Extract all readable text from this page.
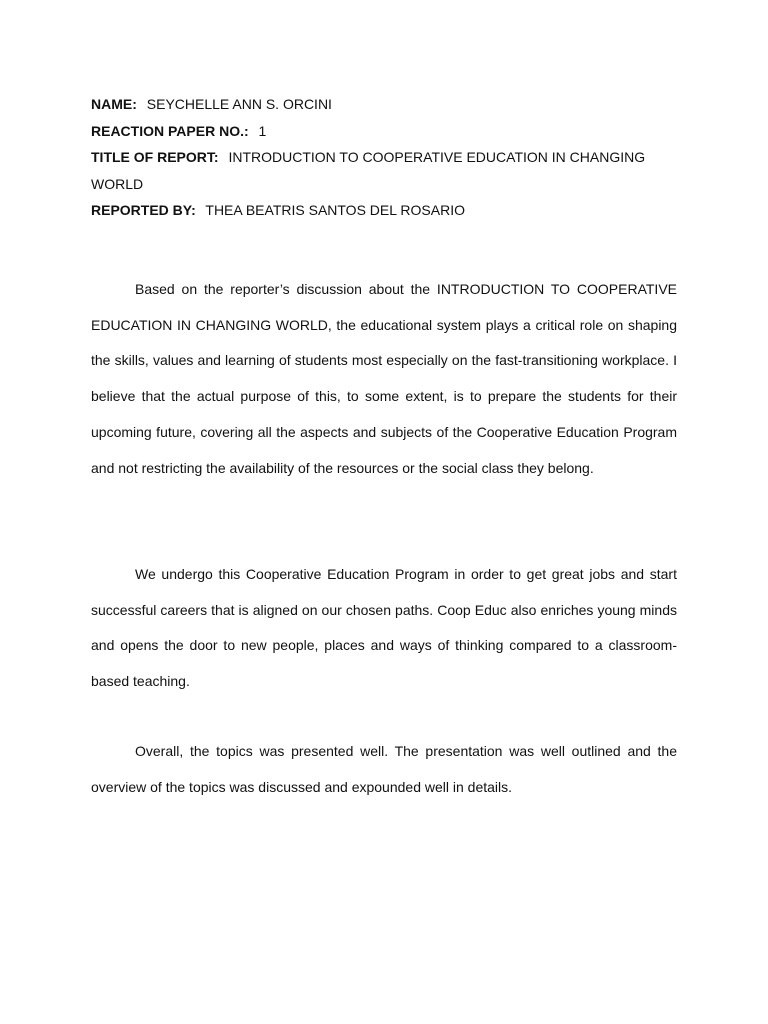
NAME: SEYCHELLE ANN S. ORCINI

REACTION PAPER NO.: 1

TITLE OF REPORT: INTRODUCTION TO COOPERATIVE EDUCATION IN CHANGING WORLD

REPORTED BY: THEA BEATRIS SANTOS DEL ROSARIO

Based on the reporter’s discussion about the INTRODUCTION TO COOPERATIVE EDUCATION IN CHANGING WORLD, the educational system plays a critical role on shaping the skills, values and learning of students most especially on the fast-transitioning workplace. I believe that the actual purpose of this, to some extent, is to prepare the students for their upcoming future, covering all the aspects and subjects of the Cooperative Education Program and not restricting the availability of the resources or the social class they belong.

We undergo this Cooperative Education Program in order to get great jobs and start successful careers that is aligned on our chosen paths. Coop Educ also enriches young minds and opens the door to new people, places and ways of thinking compared to a classroom-based teaching.

Overall, the topics was presented well. The presentation was well outlined and the overview of the topics was discussed and expounded well in details.
